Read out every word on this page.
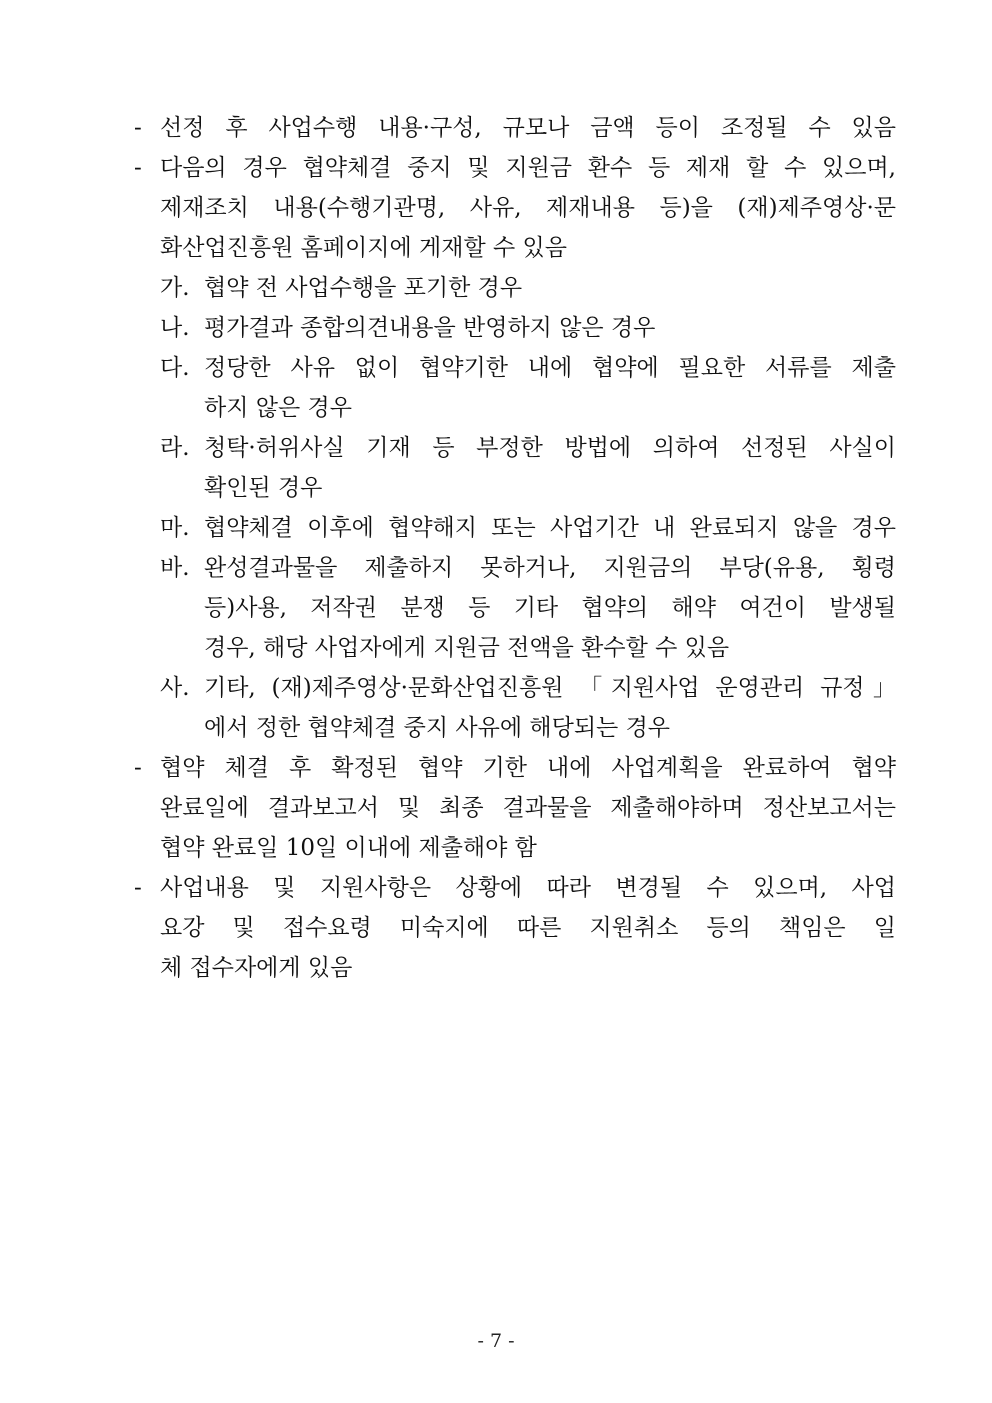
- 선정 후 사업수행 내용·구성, 규모나 금액 등이 조정될 수 있음
- 다음의 경우 협약체결 중지 및 지원금 환수 등 제재 할 수 있으며,
제재조치 내용(수행기관명, 사유, 제재내용 등)을 (재)제주영상·문
화산업진흥원 홈페이지에 게재할 수 있음
가. 협약 전 사업수행을 포기한 경우
나. 평가결과 종합의견내용을 반영하지 않은 경우
다. 정당한 사유 없이 협약기한 내에 협약에 필요한 서류를 제출
하지 않은 경우
라. 청탁·허위사실 기재 등 부정한 방법에 의하여 선정된 사실이
확인된 경우
마. 협약체결 이후에 협약해지 또는 사업기간 내 완료되지 않을 경우
바. 완성결과물을 제출하지 못하거나, 지원금의 부당(유용, 횡령
등)사용, 저작권 분쟁 등 기타 협약의 해약 여건이 발생될
경우, 해당 사업자에게 지원금 전액을 환수할 수 있음
사. 기타, (재)제주영상·문화산업진흥원 「지원사업 운영관리 규정」
에서 정한 협약체결 중지 사유에 해당되는 경우
- 협약 체결 후 확정된 협약 기한 내에 사업계획을 완료하여 협약
완료일에 결과보고서 및 최종 결과물을 제출해야하며 정산보고서는
협약 완료일 10일 이내에 제출해야 함
- 사업내용 및 지원사항은 상황에 따라 변경될 수 있으며, 사업
요강 및 접수요령 미숙지에 따른 지원취소 등의 책임은 일
체 접수자에게 있음
- 7 -
